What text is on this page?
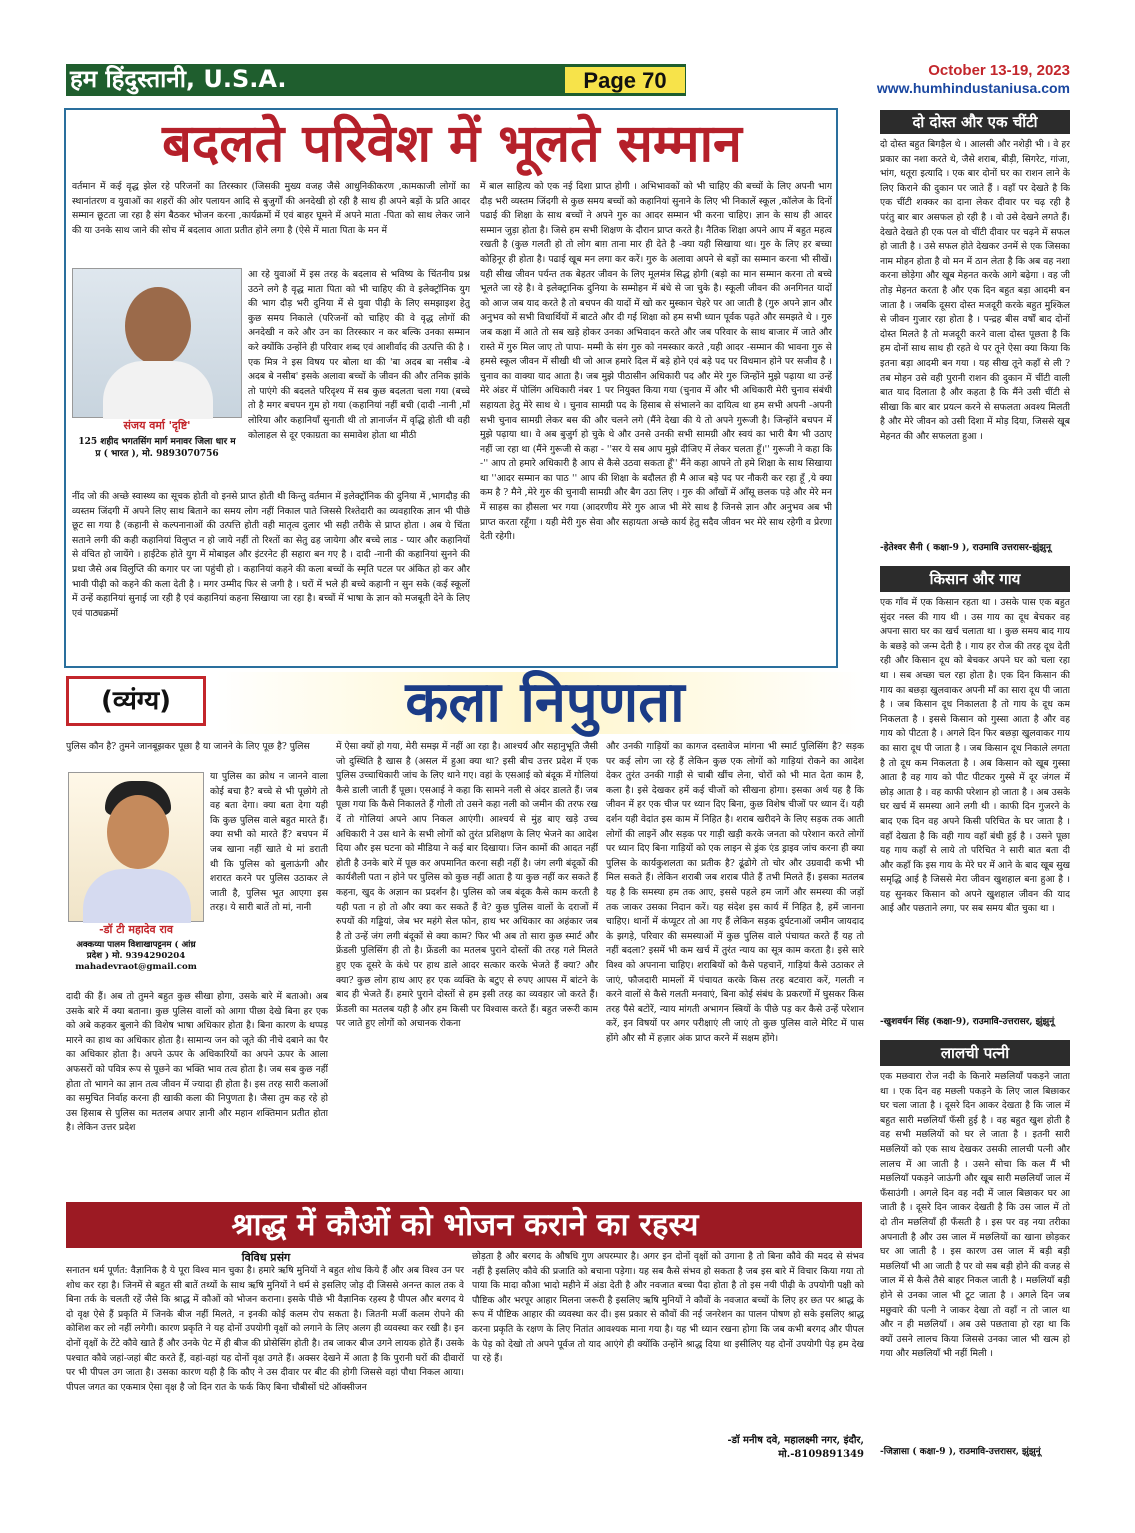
हम हिंदुस्तानी, U.S.A.	Page 70	October 13-19, 2023
www.humhindustaniusa.com
बदलते परिवेश में भूलते सम्मान
वर्तमान में कई वृद्ध झेल रहे परिजनों का तिरस्कार (जिसकी मुख्य वजह जैसे आधुनिकीकरण ,कामकाजी लोगों का स्थानांतरण व युवाओं का शहरों की ओर पलायन आदि से बुजुर्गों की अनदेखी हो रही है साथ ही अपने बड़ों के प्रति आदर सम्मान छूटता जा रहा है संग बैठकर भोजन करना ,कार्यक्रमों में एवं बाहर घूमने में अपने माता -पिता को साथ लेकर जाने की या उनके साथ जाने की सोच में बदलाव आता प्रतीत होने लगा है (ऐसे में माता पिता के मन में
संजय वर्मा 'दृष्टि'
125 शहीद भगतसिंग मार्ग मनावर जिला धार म प्र ( भारत ), मो. 9893070756
आ रहे युवाओं में इस तरह के बदलाव से भविष्य के चिंतनीय प्रश्न उठने लगे है वृद्ध माता पिता को भी चाहिए की वे इलेक्ट्रॉनिक युग की भाग दौड़ भरी दुनिया में से युवा पीढ़ी के लिए समझाइश हेतु कुछ समय निकाले (परिजनों को चाहिए की वे वृद्ध लोगों की अनदेखी न करे और उन का तिरस्कार न कर बल्कि उनका सम्मान करे क्योंकि उन्होंने ही परिवार शब्द एवं आशीर्वाद की उत्पत्ति की है । एक मित्र ने इस विषय पर बोला था की 'बा अदब बा नसीब -बे अदब बे नसीब' इसके अलावा बच्चों के जीवन की और तनिक झांके तो पाएंगे की बदलते परिदृश्य में सब कुछ बदलता चला गया (बच्चे तो है मगर बचपन गुम हो गया (कहानियां नहीं बची (दादी -नानी ,माँ लोरिया और कहानियाँ सुनाती थी तो ज्ञानार्जन में वृद्धि होती थी वही कोलाहल से दूर एकाग्रता का समावेश होता था मीठी
नींद जो की अच्छे स्वास्थ्य का सूचक होती वो इनसे प्राप्त होती थी किन्तु वर्तमान में इलेक्ट्रॉनिक की दुनिया में ,भागदौड़ की व्यस्तम जिंदगी में अपने लिए साथ बिताने का समय लोग नहीं निकाल पाते जिससे रिश्तेदारी का व्यवहारिक ज्ञान भी पीछे छूट सा गया है (कहानी से कल्पनानाओं की उत्पत्ति होती वही मातृत्व दुलार भी सही तरीके से प्राप्त होता । अब ये चिंता सताने लगी की कही कहानियां विलुप्त न हो जाये नहीं तो रिश्तों का सेतु ढह जायेगा और बच्चे लाड - प्यार और कहानियों से वंचित हो जायेंगे । हाईटेक होते युग में मोबाइल और इंटरनेट ही सहारा बन गए है । दादी -नानी की कहानियां सुनने की प्रथा जैसे अब विलुप्ति की कगार पर जा पहुंची हो । कहानियां कहने की कला बच्चों के स्मृति पटल पर अंकित हो कर और भावी पीढ़ी को कहने की कला देती है । मगर उम्मीद फिर से जगी है । घरों में भले ही बच्चे कहानी न सुन सके (कई स्कूलों में उन्हें कहानियां सुनाई जा रही है एवं कहानियां कहना सिखाया जा रहा है। बच्चों में भाषा के ज्ञान को मजबूती देने के लिए एवं पाठ्यक्रमों
में बाल साहित्य को एक नई दिशा प्राप्त होगी । अभिभावकों को भी चाहिए की बच्चों के लिए अपनी भाग दौड़ भरी व्यस्तम जिंदगी से कुछ समय बच्चों को कहानियां सुनाने के लिए भी निकालें स्कूल ,कॉलेज के दिनों पढाई की शिक्षा के साथ बच्चों ने अपने गुरु का आदर सम्मान भी करना चाहिए। ज्ञान के साथ ही आदर सम्मान जुड़ा होता है। जिसे हम सभी शिक्षण के दौरान प्राप्त करते है। नैतिक शिक्षा अपने आप में बहुत महत्व रखती है (कुछ गलती हो तो लोग बाग़ ताना मार ही देते है -क्या यही सिखाया था। गुरु के लिए हर बच्चा कोहिनूर ही होता है। पढाई खूब मन लगा कर करें। गुरु के अलावा अपने से बड़ों का सम्मान करना भी सीखें। यही सीख जीवन पर्यन्त तक बेहतर जीवन के लिए मूलमंत्र सिद्ध होगी (बड़ो का मान सम्मान करना तो बच्चे भूलते जा रहे है। वे इलेक्ट्रानिक दुनिया के सम्मोहन में बंधे से जा चुके है। स्कूली जीवन की अनगिनत यादों को आज जब याद करते है तो बचपन की यादों में खो कर मुस्कान चेहरे पर आ जाती है (गुरु अपने ज्ञान और अनुभव को सभी विधार्थियों में बाटते और दी गई शिक्षा को हम सभी ध्यान पूर्वक पढ़ते और समझते थे । गुरु जब कक्षा में आते तो सब खड़े होकर उनका अभिवादन करते और जब परिवार के साथ बाजार में जाते और रास्ते में गुरु मिल जाए तो पापा- मम्मी के संग गुरु को नमस्कार करते ,यही आदर -सम्मान की भावना गुरु से हमसे स्कूल जीवन में सीखी थी जो आज हमारे दिल में बड़े होने एवं बड़े पद पर विधमान होने पर सजीव है । चुनाव का वाक्या याद आता है। जब मुझे पीठासीन अधिकारी पद और मेरे गुरु जिन्होंने मुझे पढ़ाया था उन्हें मेरे अंडर में पोलिंग अधिकारी नंबर 1 पर नियुक्त किया गया (चुनाव में और भी अधिकारी मेरी चुनाव संबंधी सहायता हेतु मेरे साथ थे । चुनाव सामग्री पद के हिसाब से संभालने का दायित्व था हम सभी अपनी -अपनी सभी चुनाव सामग्री लेकर बस की और चलने लगे (मैंने देखा की ये तो अपने गुरूजी है। जिन्होंने बचपन में मुझे पढ़ाया था। वे अब बुजुर्ग हो चुके थे और उनसे उनकी सभी सामग्री और स्वयं का भारी बैग भी उठाए नहीं जा रहा था (मैंने गुरूजी से कहा - ''सर ये सब आप मुझे दीजिए में लेकर चलता हूँ।'' गुरूजी ने कहा कि -'' आप तो हमारे अधिकारी है आप से कैसे उठवा सकता हूँ'' मैंने कहा आपने तो हमे शिक्षा के साथ सिखाया था ''आदर सम्मान का पाठ '' आप की शिक्षा के बदौलत ही मै आज बड़े पद पर नौकरी कर रहा हूँ ,ये क्या कम है ? मैने ,मेरे गुरु की चुनावी सामग्री और बैग उठा लिए । गुरु की आँखों में आँसू छलक पड़े और मेरे मन में साहस का हौसला भर गया (आदरणीय मेरे गुरु आज भी मेरे साथ है जिनसे ज्ञान और अनुभव अब भी प्राप्त करता रहूँगा । यही मेरी गुरु सेवा और सहायता अच्छे कार्य हेतु सदैव जीवन भर मेरे साथ रहेगी व प्रेरणा देती रहेगी।
(व्यंग्य)	कला निपुणता
पुलिस कौन है? तुमने जानबूझकर पूछा है या जानने के लिए पूछ है? पुलिस
-डॉ टी महादेव राव
अक्कय्या पालम विशाखापट्टनम ( आंध्र प्रदेश ) मो. 9394290204 mahadevraot@gmail.com
या पुलिस का क्रोध न जानने वाला कोई बचा है? बच्चे से भी पूछोगे तो वह बता देगा। क्या बता देगा यही कि कुछ पुलिस वाले बहुत मारते हैं। क्या सभी को मारते हैं? बचपन में जब खाना नहीं खाते थे मां डराती थी कि पुलिस को बुलाऊंगी और शरारत करने पर पुलिस उठाकर ले जाती है, पुलिस भूत आएगा इस तरह। ये सारी बातें तो मां, नानी
दादी की हैं। अब तो तुमने बहुत कुछ सीखा होगा, उसके बारे में बताओ। अब उसके बारे में क्या बताना। कुछ पुलिस वालों को आगा पीछा देखे बिना हर एक को अबे कहकर बुलाने की विशेष भाषा अधिकार होता है। बिना कारण के थप्पड़ मारने का हाथ का अधिकार होता है। सामान्य जन को जूते की नीचे दबाने का पैर का अधिकार होता है। अपने ऊपर के अधिकारियों का अपने ऊपर के आला अफसरों को पवित्र रूप से पूछने का भक्ति भाव तत्व होता है। जब सब कुछ नहीं होता तो भागने का ज्ञान तत्व जीवन में ज्यादा ही होता है। इस तरह सारी कलाओं का समुचित निर्वाह करना ही खाकी कला की निपुणता है। जैसा तुम कह रहे हो उस हिसाब से पुलिस का मतलब अपार ज्ञानी और महान शक्तिमान प्रतीत होता है। लेकिन उत्तर प्रदेश
में ऐसा क्यों हो गया, मेरी समझ में नहीं आ रहा है। आश्चर्य और सहानुभूति जैसी जो दुस्थिति है खास है (असल में हुआ क्या था? इसी बीच उत्तर प्रदेश में एक पुलिस उच्चाधिकारी जांच के लिए थाने गए। वहां के एसआई को बंदूक में गोलियां कैसे डाली जाती हैं पूछा। एसआई ने कहा कि सामने नली से अंदर डालते हैं। जब पूछा गया कि कैसे निकालते हैं गोली तो उसने कहा नली को जमीन की तरफ रख दें तो गोलियां अपने आप निकल आएंगी। आश्चर्य से मुंह बाए खड़े उच्च अधिकारी ने उस थाने के सभी लोगों को तुरंत प्रशिक्षण के लिए भेजने का आदेश दिया और इस घटना को मीडिया ने कई बार दिखाया। जिन कामों की आदत नहीं होती है उनके बारे में पूछ कर अपमानित करना सही नहीं है। जंग लगी बंदूकों की कार्यशैली पता न होने पर पुलिस को कुछ नहीं आता है या कुछ नहीं कर सकते हैं कहना, खुद के अज्ञान का प्रदर्शन है। पुलिस को जब बंदूक कैसे काम करती है यही पता न हो तो और क्या कर सकते हैं वे? कुछ पुलिस वालों के दराजों में रुपयों की गड्डियां, जेब भर महंगे सेल फोन, हाथ भर अधिकार का अहंकार जब है तो उन्हें जंग लगी बंदूकों से क्या काम? फिर भी अब तो सारा कुछ स्मार्ट और फ्रेंडली पुलिसिंग ही तो है। फ्रेंडली का मतलब पुराने दोस्तों की तरह गले मिलते हुए एक दूसरे के कंधे पर हाथ डाले आदर सत्कार करके भेजते हैं क्या? और क्या? कुछ लोग हाथ आए हर एक व्यक्ति के बटुए से रुपए आपस में बांटने के बाद ही भेजते हैं। हमारे पुराने दोस्तों से हम इसी तरह का व्यवहार जो करते हैं। फ्रेंडली का मतलब यही है और हम किसी पर विश्वास करते हैं। बहुत जरूरी काम पर जाते हुए लोगों को अचानक रोकना
और उनकी गाड़ियों का कागज दस्तावेज मांगना भी स्मार्ट पुलिसिंग है? सड़क पर कई लोग जा रहे हैं लेकिन कुछ एक लोगों को गाड़ियां रोकने का आदेश देकर तुरंत उनकी गाड़ी से चाबी खींच लेना, चोरों को भी मात देता काम है, कला है। इसे देखकर हमें कई चीजों को सीखना होगा। इसका अर्थ यह है कि जीवन में हर एक चीज पर ध्यान दिए बिना, कुछ विशेष चीजों पर ध्यान दें। यही दर्शन यही वेदांत इस काम में निहित है। शराब खरीदने के लिए सड़क तक आती लोगों की लाइनें और सड़क पर गाड़ी खड़ी करके जनता को परेशान करते लोगों पर ध्यान दिए बिना गाड़ियों को एक लाइन से ड्रंक एंड ड्राइव जांच करना ही क्या पुलिस के कार्यकुशलता का प्रतीक है? ढूंढोगे तो चोर और उग्रवादी कभी भी मिल सकते हैं। लेकिन शराबी जब शराब पीते हैं तभी मिलते हैं। इसका मतलब यह है कि समस्या हम तक आए, इससे पहले हम जागें और समस्या की जड़ों तक जाकर उसका निदान करें। यह संदेश इस कार्य में निहित है, हमें जानना चाहिए। थानों में कंप्यूटर तो आ गए हैं लेकिन सड़क दुर्घटनाओं जमीन जायदाद के झगड़े, परिवार की समस्याओं में कुछ पुलिस वाले पंचायत करते हैं यह तो नहीं बदला? इसमें भी कम खर्च में तुरंत न्याय का सूत्र काम करता है। इसे सारे विश्व को अपनाना चाहिए। शराबियों को कैसे पहचानें, गाड़ियां कैसे उठाकर ले जाएं, फौजदारी मामलों में पंचायत करके किस तरह बटवारा करें, गलती न करने वालों से कैसे गलती मनवाएं, बिना कोई संबंध के प्रकरणों में घुसकर किस तरह पैसे बटोरें, न्याय मांगती अभागन स्त्रियों के पीछे पड़ कर कैसे उन्हें परेशान करें, इन विषयों पर अगर परीक्षाएं ली जाएं तो कुछ पुलिस वाले मेरिट में पास होंगे और सौ में हज़ार अंक प्राप्त करने में सक्षम होंगे।
श्राद्ध में कौओं को भोजन कराने का रहस्य
विविध प्रसंग
सनातन धर्म पूर्णत: वैज्ञानिक है ये पूरा विश्व मान चुका है। हमारे ऋषि मुनियों ने बहुत शोध किये हैं और अब विश्व उन पर शोध कर रहा है। जिनमें से बहुत सी बातें तथ्यों के साथ ऋषि मुनियों ने धर्म से इसलिए जोड़ दी जिससे अनन्त काल तक वे बिना तर्क के चलती रहें जैसे कि श्राद्ध में कौओं को भोजन कराना। इसके पीछे भी वैज्ञानिक रहस्य है पीपल और बरगद ये दो वृक्ष ऐसे हैं प्रकृति में जिनके बीज नहीं मिलते, न इनकी कोई कलम रोप सकता है। जितनी मर्जी कलम रोपने की कोशिश कर लो नहीं लगेगी। कारण प्रकृति ने यह दोनों उपयोगी वृक्षों को लगाने के लिए अलग ही व्यवस्था कर रखी है। इन दोनों वृक्षों के टेंटे कौवे खाते हैं और उनके पेट में ही बीज की प्रोसेसिंग होती है। तब जाकर बीज उगने लायक होते हैं। उसके पश्चात कौवे जहां-जहां बीट करते हैं, वहां-वहां यह दोनों वृक्ष उगते हैं। अक्सर देखने में आता है कि पुरानी घरों की दीवारों पर भी पीपल उग जाता है। उसका कारण यही है कि कौए ने उस दीवार पर बीट की होगी जिससे वहां पौधा निकल आया। पीपल जगत का एकमात्र ऐसा वृक्ष है जो दिन रात के फर्क किए बिना चौबीसों घंटे ऑक्सीजन
छोड़ता है और बरगद के औषधि गुण अपरम्पार है। अगर इन दोनों वृक्षों को उगाना है तो बिना कौवे की मदद से संभव नहीं है इसलिए कौवे की प्रजाति को बचाना पड़ेगा। यह सब कैसे संभव हो सकता है जब इस बारे में विचार किया गया तो पाया कि मादा कौआ भादो महीने में अंडा देती है और नवजात बच्चा पैदा होता है तो इस नयी पीढ़ी के उपयोगी पक्षी को पौष्टिक और भरपूर आहार मिलना जरूरी है इसलिए ऋषि मुनियों ने कौवों के नवजात बच्चों के लिए हर छत पर श्राद्ध के रूप में पौष्टिक आहार की व्यवस्था कर दी। इस प्रकार से कौवों की नई जनरेशन का पालन पोषण हो सके इसलिए श्राद्ध करना प्रकृति के रक्षण के लिए नितांत आवश्यक माना गया है। यह भी ध्यान रखना होगा कि जब कभी बरगद और पीपल के पेड़ को देखो तो अपने पूर्वज तो याद आएंगे ही क्योंकि उन्होंने श्राद्ध दिया था इसीलिए यह दोनों उपयोगी पेड़ हम देख पा रहे हैं।
-डॉ मनीष दवे, महालक्ष्मी नगर, इंदौर, मो.-8109891349
दो दोस्त और एक चींटी
दो दोस्त बहुत बिगड़ैल थे । आलसी और नशेड़ी भी । वे हर प्रकार का नशा करते थे, जैसे शराब, बीड़ी, सिगरेट, गांजा, भांग, धतूरा इत्यादि । एक बार दोनों घर का राशन लाने के लिए किराने की दुकान पर जाते हैं । वहाँ पर देखते है कि एक चींटी शक्कर का दाना लेकर दीवार पर चढ़ रही है परंतु बार बार असफल हो रही है । वो उसे देखने लगते हैं। देखते देखते ही एक पल वो चींटी दीवार पर चढ़ने में सफल हो जाती है । उसे सफल होते देखकर उनमें से एक जिसका नाम मोहन होता है वो मन में ठान लेता है कि अब वह नशा करना छोड़ेगा और खूब मेहनत करके आगे बढ़ेगा । वह जी तोड़ मेहनत करता है और एक दिन बहुत बड़ा आदमी बन जाता है । जबकि दूसरा दोस्त मजदूरी करके बहुत मुश्किल से जीवन गुजार रहा होता है । पन्द्रह बीस वर्षों बाद दोनों दोस्त मिलते है तो मजदूरी करने वाला दोस्त पूछता है कि हम दोनों साथ साथ ही रहते थे पर तूने ऐसा क्या किया कि इतना बड़ा आदमी बन गया । यह सीख तूने कहाँ से ली ? तब मोहन उसे वही पुरानी राशन की दुकान में चींटी वाली बात याद दिलाता है और कहता है कि मैंने उसी चींटी से सीखा कि बार बार प्रयत्न करने से सफलता अवश्य मिलती है और मेरे जीवन को उसी दिशा में मोड़ दिया, जिससे खूब मेहनत की और सफलता हुआ ।
-हेतेश्वर सैनी ( कक्षा-9 ), राउमावि उत्तरासर-झुंझुनू
किसान और गाय
एक गाँव में एक किसान रहता था । उसके पास एक बहुत सुंदर नस्ल की गाय थी । उस गाय का दूध बेचकर वह अपना सारा घर का खर्च चलाता था । कुछ समय बाद गाय के बछड़े को जन्म देती है । गाय हर रोज की तरह दूध देती रही और किसान दूध को बेचकर अपने घर को चला रहा था । सब अच्छा चल रहा होता है। एक दिन किसान की गाय का बछड़ा खुलवाकर अपनी माँ का सारा दूध पी जाता है । जब किसान दूध निकालता है तो गाय के दूध कम निकलता है । इससे किसान को गुस्सा आता है और वह गाय को पीटता है । अगले दिन फिर बछड़ा खुलवाकर गाय का सारा दूध पी जाता है । जब किसान दूध निकाले लगता है तो दूध कम निकलता है । अब किसान को खूब गुस्सा आता है वह गाय को पीट पीटकर गुस्से में दूर जंगल में छोड़ आता है । वह काफी परेशान हो जाता है । अब उसके घर खर्च में समस्या आने लगी थी । काफी दिन गुजरने के बाद एक दिन वह अपने किसी परिचित के घर जाता है । वहाँ देखता है कि वही गाय वहाँ बंधी हुई है । उसने पूछा यह गाय कहाँ से लाये तो परिचित ने सारी बात बता दी और कहाँ कि इस गाय के मेरे घर में आने के बाद खूब सुख समृद्धि आई है जिससे मेरा जीवन खुशहाल बना हुआ है । यह सुनकर किसान को अपने खुशहाल जीवन की याद आई और पछताने लगा, पर सब समय बीत चुका था ।
-खुशवर्धन सिंह (कक्षा-9), राउमावि-उत्तरासर, झुंझुनूं
लालची पत्नी
एक मछवारा रोज नदी के किनारे मछलियाँ पकड़ने जाता था । एक दिन वह मछली पकड़ने के लिए जाल बिछाकर घर चला जाता है । दूसरे दिन आकर देखता है कि जाल में बहुत सारी मछलियाँ फँसी हुई है । वह बहुत खुश होती है वह सभी मछलियों को घर ले जाता है । इतनी सारी मछलियों को एक साथ देखकर उसकी लालची पत्नी और लालच में आ जाती है । उसने सोचा कि कल मैं भी मछलियाँ पकड़ने जाऊंगी और खूब सारी मछलियाँ जाल में फँसाउंगी । अगले दिन वह नदी में जाल बिछाकर घर आ जाती है । दूसरे दिन जाकर देखती है कि उस जाल में तो दो तीन मछलियाँ ही फँसती है । इस पर वह नया तरीका अपनाती है और उस जाल में मछलियों का खाना छोड़कर घर आ जाती है । इस कारण उस जाल में बड़ी बड़ी मछलियाँ भी आ जाती है पर वो सब बड़ी होने की वजह से जाल में से कैसे तैसे बाहर निकल जाती है । मछलियाँ बड़ी होने से उनका जाल भी टूट जाता है । अगले दिन जब मछुवारे की पत्नी ने जाकर देखा तो वहाँ न तो जाल था और न ही मछलियाँ । अब उसे पछतावा हो रहा था कि क्यों उसने लालच किया जिससे उनका जाल भी खत्म हो गया और मछलियाँ भी नहीं मिली ।
-जिज्ञासा ( कक्षा-9 ), राउमावि-उत्तरासर, झुंझुनूं
